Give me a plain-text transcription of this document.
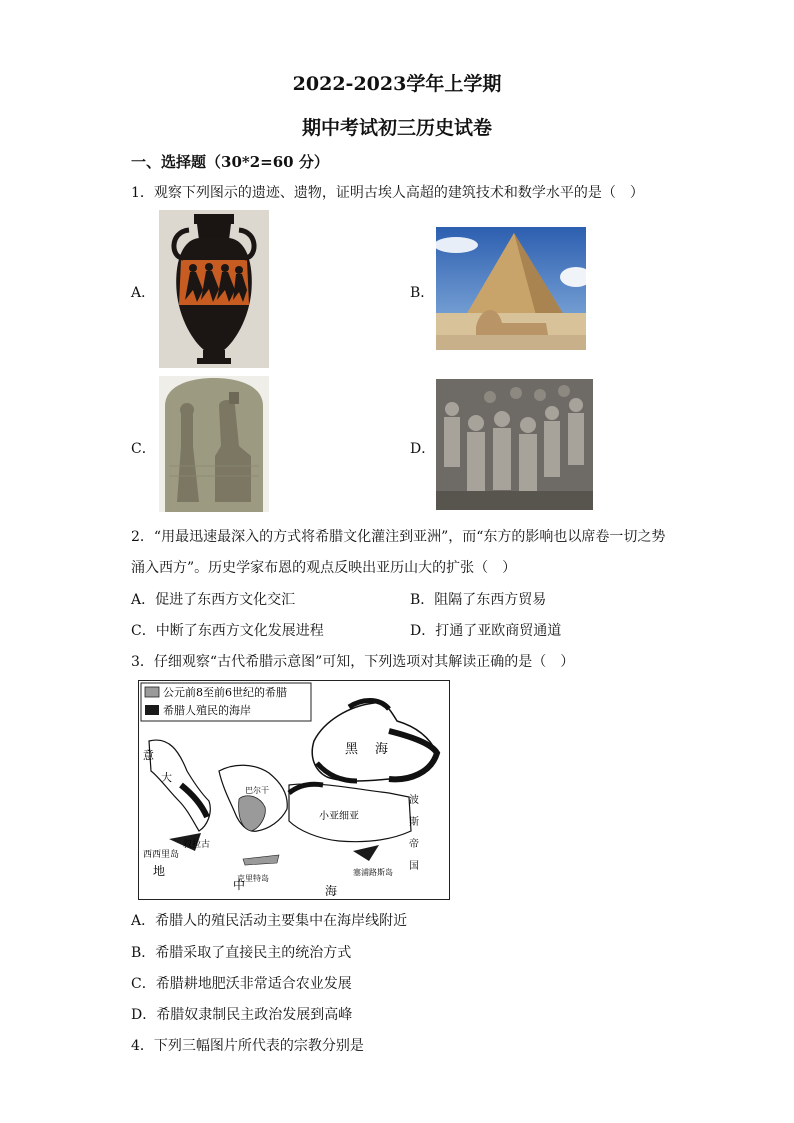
2022-2023学年上学期
期中考试初三历史试卷
一、选择题（30*2=60 分）
1．观察下列图示的遗迹、遗物，证明古埃人高超的建筑技术和数学水平的是（　）
A．	B．
C．	D．
2．“用最迅速最深入的方式将希腊文化灌注到亚洲”，而“东方的影响也以席卷一切之势
涌入西方”。历史学家布恩的观点反映出亚历山大的扩张（　）
A．促进了东西方文化交汇	B．阻隔了东西方贸易
C．中断了东西方文化发展进程	D．打通了亚欧商贸通道
3．仔细观察“古代希腊示意图”可知，下列选项对其解读正确的是（　）
公元前8至前6世纪的希腊
希腊人殖民的海岸
黑 海
意
大
西西里岛
叙拉古
巴尔干
小亚细亚
波
斯
帝
国
克里特岛
塞浦路斯岛
地
中	海
A．希腊人的殖民活动主要集中在海岸线附近
B．希腊采取了直接民主的统治方式
C．希腊耕地肥沃非常适合农业发展
D．希腊奴隶制民主政治发展到高峰
4．下列三幅图片所代表的宗教分别是
